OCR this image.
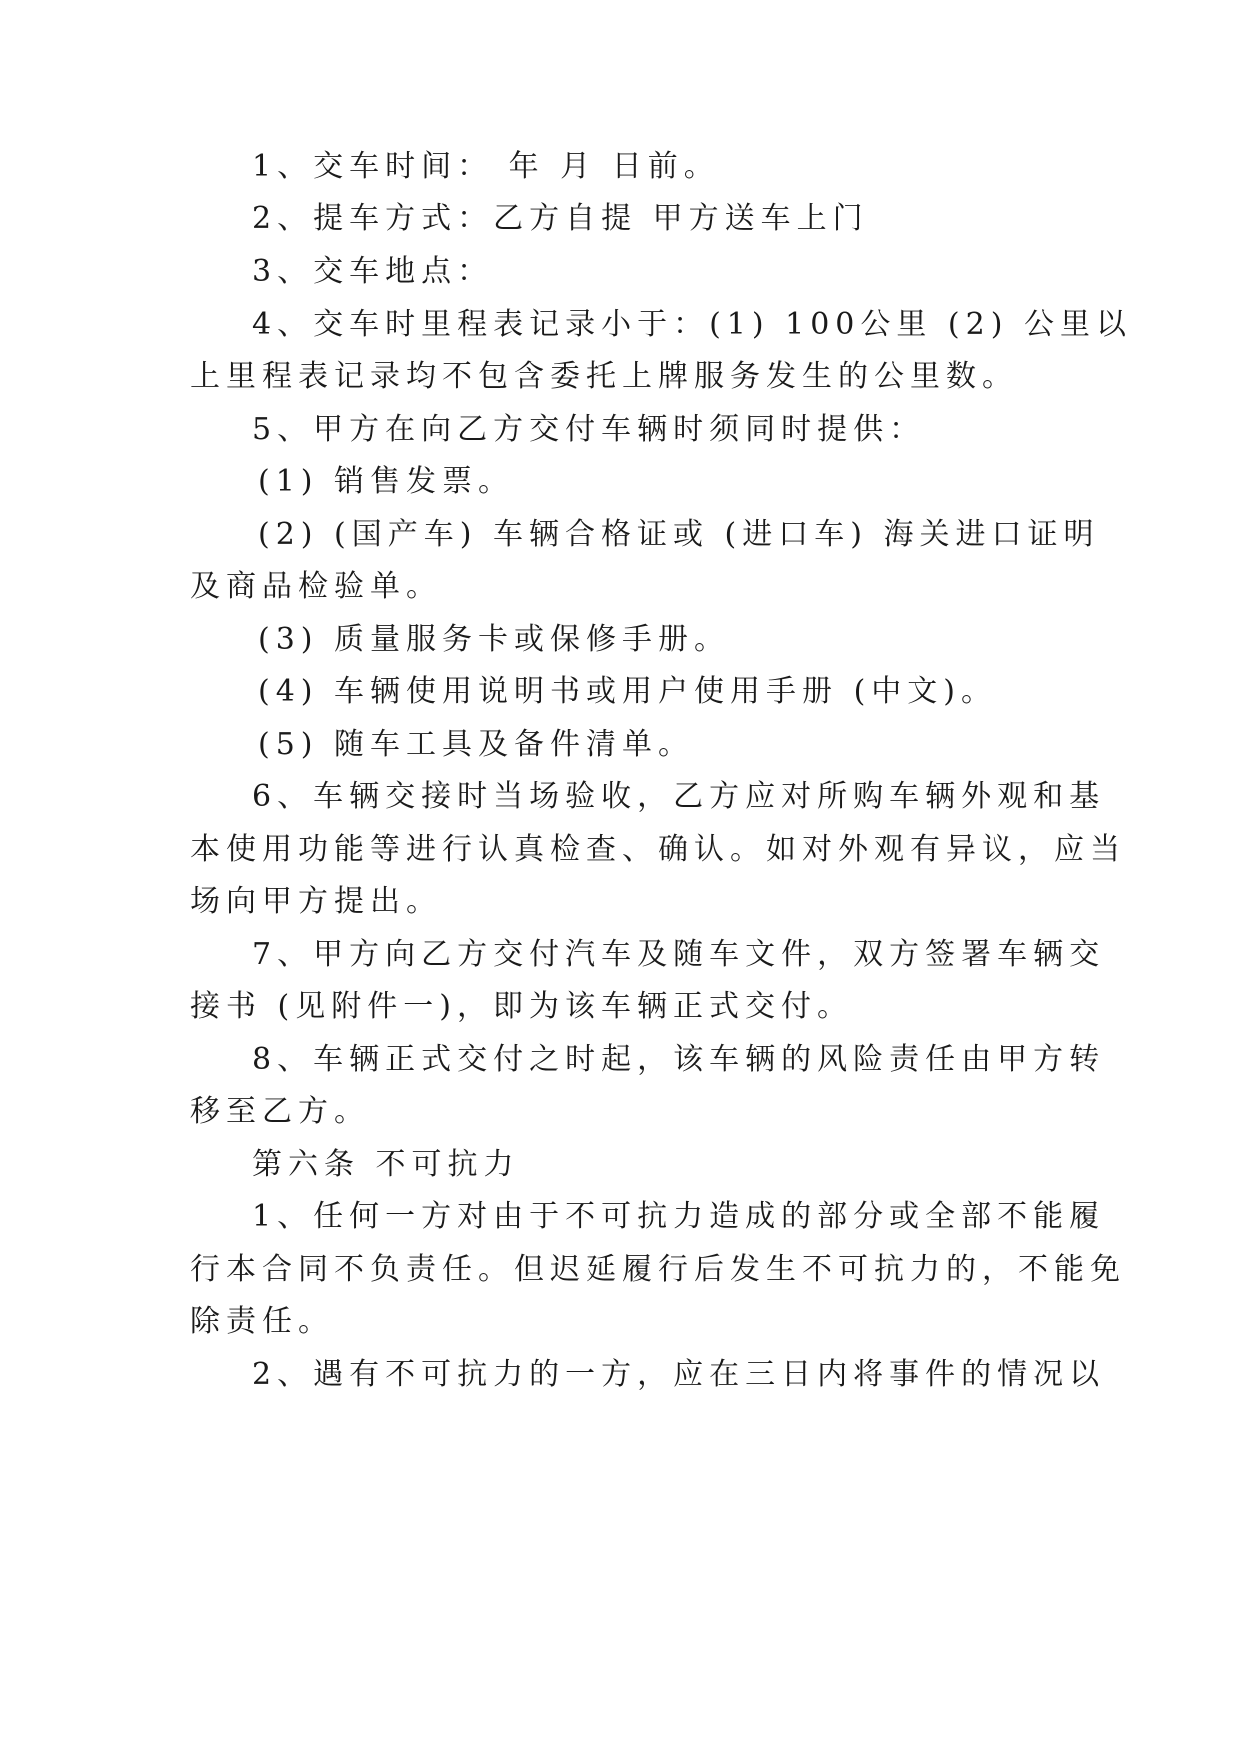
1、交车时间： 年 月 日前。
2、提车方式：乙方自提 甲方送车上门
3、交车地点：
4、交车时里程表记录小于：(1) 100公里 (2) 公里以
上里程表记录均不包含委托上牌服务发生的公里数。
5、甲方在向乙方交付车辆时须同时提供：
(1) 销售发票。
(2) (国产车) 车辆合格证或 (进口车) 海关进口证明
及商品检验单。
(3) 质量服务卡或保修手册。
(4) 车辆使用说明书或用户使用手册 (中文)。
(5) 随车工具及备件清单。
6、车辆交接时当场验收，乙方应对所购车辆外观和基
本使用功能等进行认真检查、确认。如对外观有异议，应当
场向甲方提出。
7、甲方向乙方交付汽车及随车文件，双方签署车辆交
接书 (见附件一)，即为该车辆正式交付。
8、车辆正式交付之时起，该车辆的风险责任由甲方转
移至乙方。
第六条 不可抗力
1、任何一方对由于不可抗力造成的部分或全部不能履
行本合同不负责任。但迟延履行后发生不可抗力的，不能免
除责任。
2、遇有不可抗力的一方，应在三日内将事件的情况以
